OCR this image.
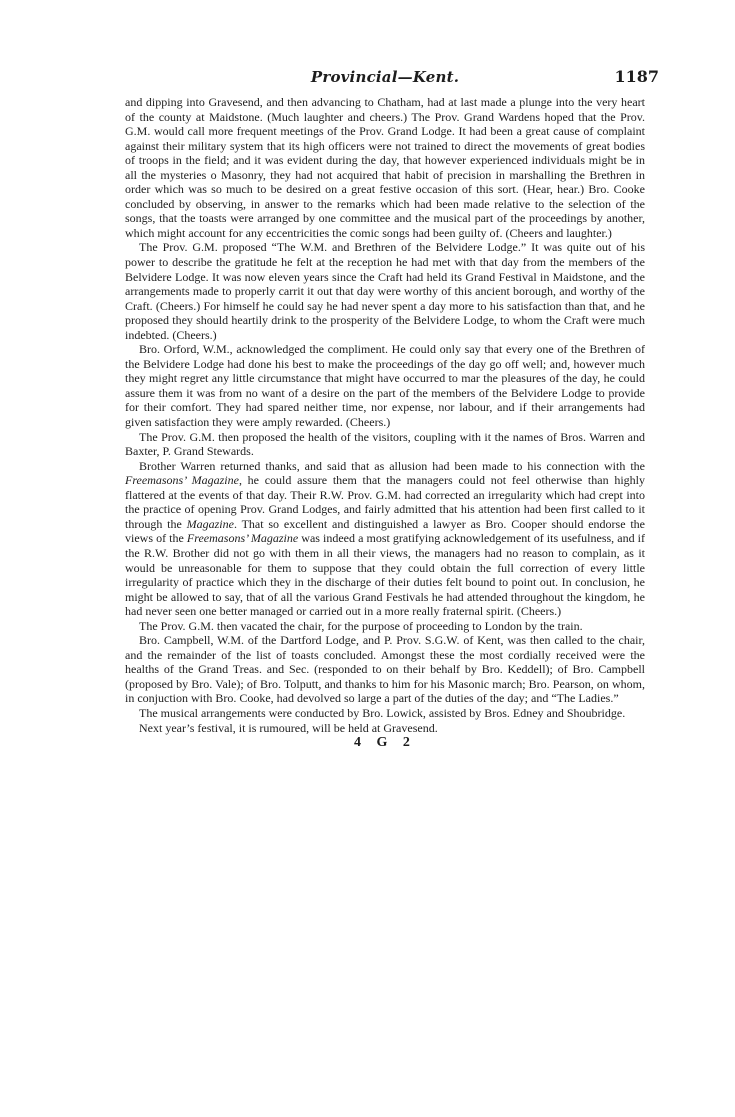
Provincial—Kent.	1187

and dipping into Gravesend, and then advancing to Chatham, had at last made a plunge into the very heart of the county at Maidstone. (Much laughter and cheers.) The Prov. Grand Wardens hoped that the Prov. G.M. would call more frequent meetings of the Prov. Grand Lodge. It had been a great cause of complaint against their military system that its high officers were not trained to direct the movements of great bodies of troops in the field; and it was evident during the day, that however experienced individuals might be in all the mysteries o Masonry, they had not acquired that habit of precision in marshalling the Brethren in order which was so much to be desired on a great festive occasion of this sort. (Hear, hear.) Bro. Cooke concluded by observing, in answer to the remarks which had been made relative to the selection of the songs, that the toasts were arranged by one committee and the musical part of the proceedings by another, which might account for any eccentricities the comic songs had been guilty of. (Cheers and laughter.)

The Prov. G.M. proposed “The W.M. and Brethren of the Belvidere Lodge.” It was quite out of his power to describe the gratitude he felt at the reception he had met with that day from the members of the Belvidere Lodge. It was now eleven years since the Craft had held its Grand Festival in Maidstone, and the arrangements made to properly carrit it out that day were worthy of this ancient borough, and worthy of the Craft. (Cheers.) For himself he could say he had never spent a day more to his satisfaction than that, and he proposed they should heartily drink to the prosperity of the Belvidere Lodge, to whom the Craft were much indebted. (Cheers.)

Bro. Orford, W.M., acknowledged the compliment. He could only say that every one of the Brethren of the Belvidere Lodge had done his best to make the proceedings of the day go off well; and, however much they might regret any little circumstance that might have occurred to mar the pleasures of the day, he could assure them it was from no want of a desire on the part of the members of the Belvidere Lodge to provide for their comfort. They had spared neither time, nor expense, nor labour, and if their arrangements had given satisfaction they were amply rewarded. (Cheers.)

The Prov. G.M. then proposed the health of the visitors, coupling with it the names of Bros. Warren and Baxter, P. Grand Stewards.

Brother Warren returned thanks, and said that as allusion had been made to his connection with the Freemasons’ Magazine, he could assure them that the managers could not feel otherwise than highly flattered at the events of that day. Their R.W. Prov. G.M. had corrected an irregularity which had crept into the practice of opening Prov. Grand Lodges, and fairly admitted that his attention had been first called to it through the Magazine. That so excellent and distinguished a lawyer as Bro. Cooper should endorse the views of the Freemasons’ Magazine was indeed a most gratifying acknowledgement of its usefulness, and if the R.W. Brother did not go with them in all their views, the managers had no reason to complain, as it would be unreasonable for them to suppose that they could obtain the full correction of every little irregularity of practice which they in the discharge of their duties felt bound to point out. In conclusion, he might be allowed to say, that of all the various Grand Festivals he had attended throughout the kingdom, he had never seen one better managed or carried out in a more really fraternal spirit. (Cheers.)

The Prov. G.M. then vacated the chair, for the purpose of proceeding to London by the train.

Bro. Campbell, W.M. of the Dartford Lodge, and P. Prov. S.G.W. of Kent, was then called to the chair, and the remainder of the list of toasts concluded. Amongst these the most cordially received were the healths of the Grand Treas. and Sec. (responded to on their behalf by Bro. Keddell); of Bro. Campbell (proposed by Bro. Vale); of Bro. Tolputt, and thanks to him for his Masonic march; Bro. Pearson, on whom, in conjuction with Bro. Cooke, had devolved so large a part of the duties of the day; and “The Ladies.”

The musical arrangements were conducted by Bro. Lowick, assisted by Bros. Edney and Shoubridge.

Next year’s festival, it is rumoured, will be held at Gravesend.

4 G 2
